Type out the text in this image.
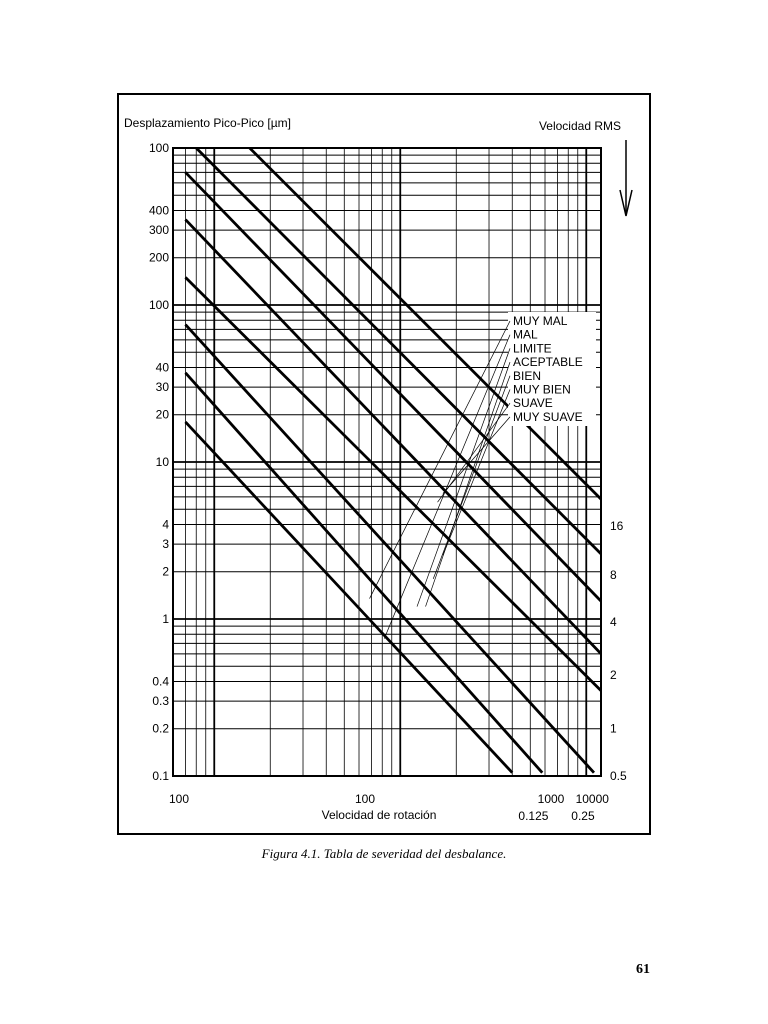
0.125 0.25
0.5
1
2
4
8
16
0.1
0.2
0.3
0.4
1
2
3
4
10
20
30
40
100
200
300
400
100
100	100	1000 10000
Desplazamiento Pico-Pico [µm]	Velocidad RMS
Velocidad de rotación
MUY MAL
MAL
LIMITE
ACEPTABLE
BIEN
MUY BIEN
SUAVE
MUY SUAVE
Figura 4.1. Tabla de severidad del desbalance.
61
